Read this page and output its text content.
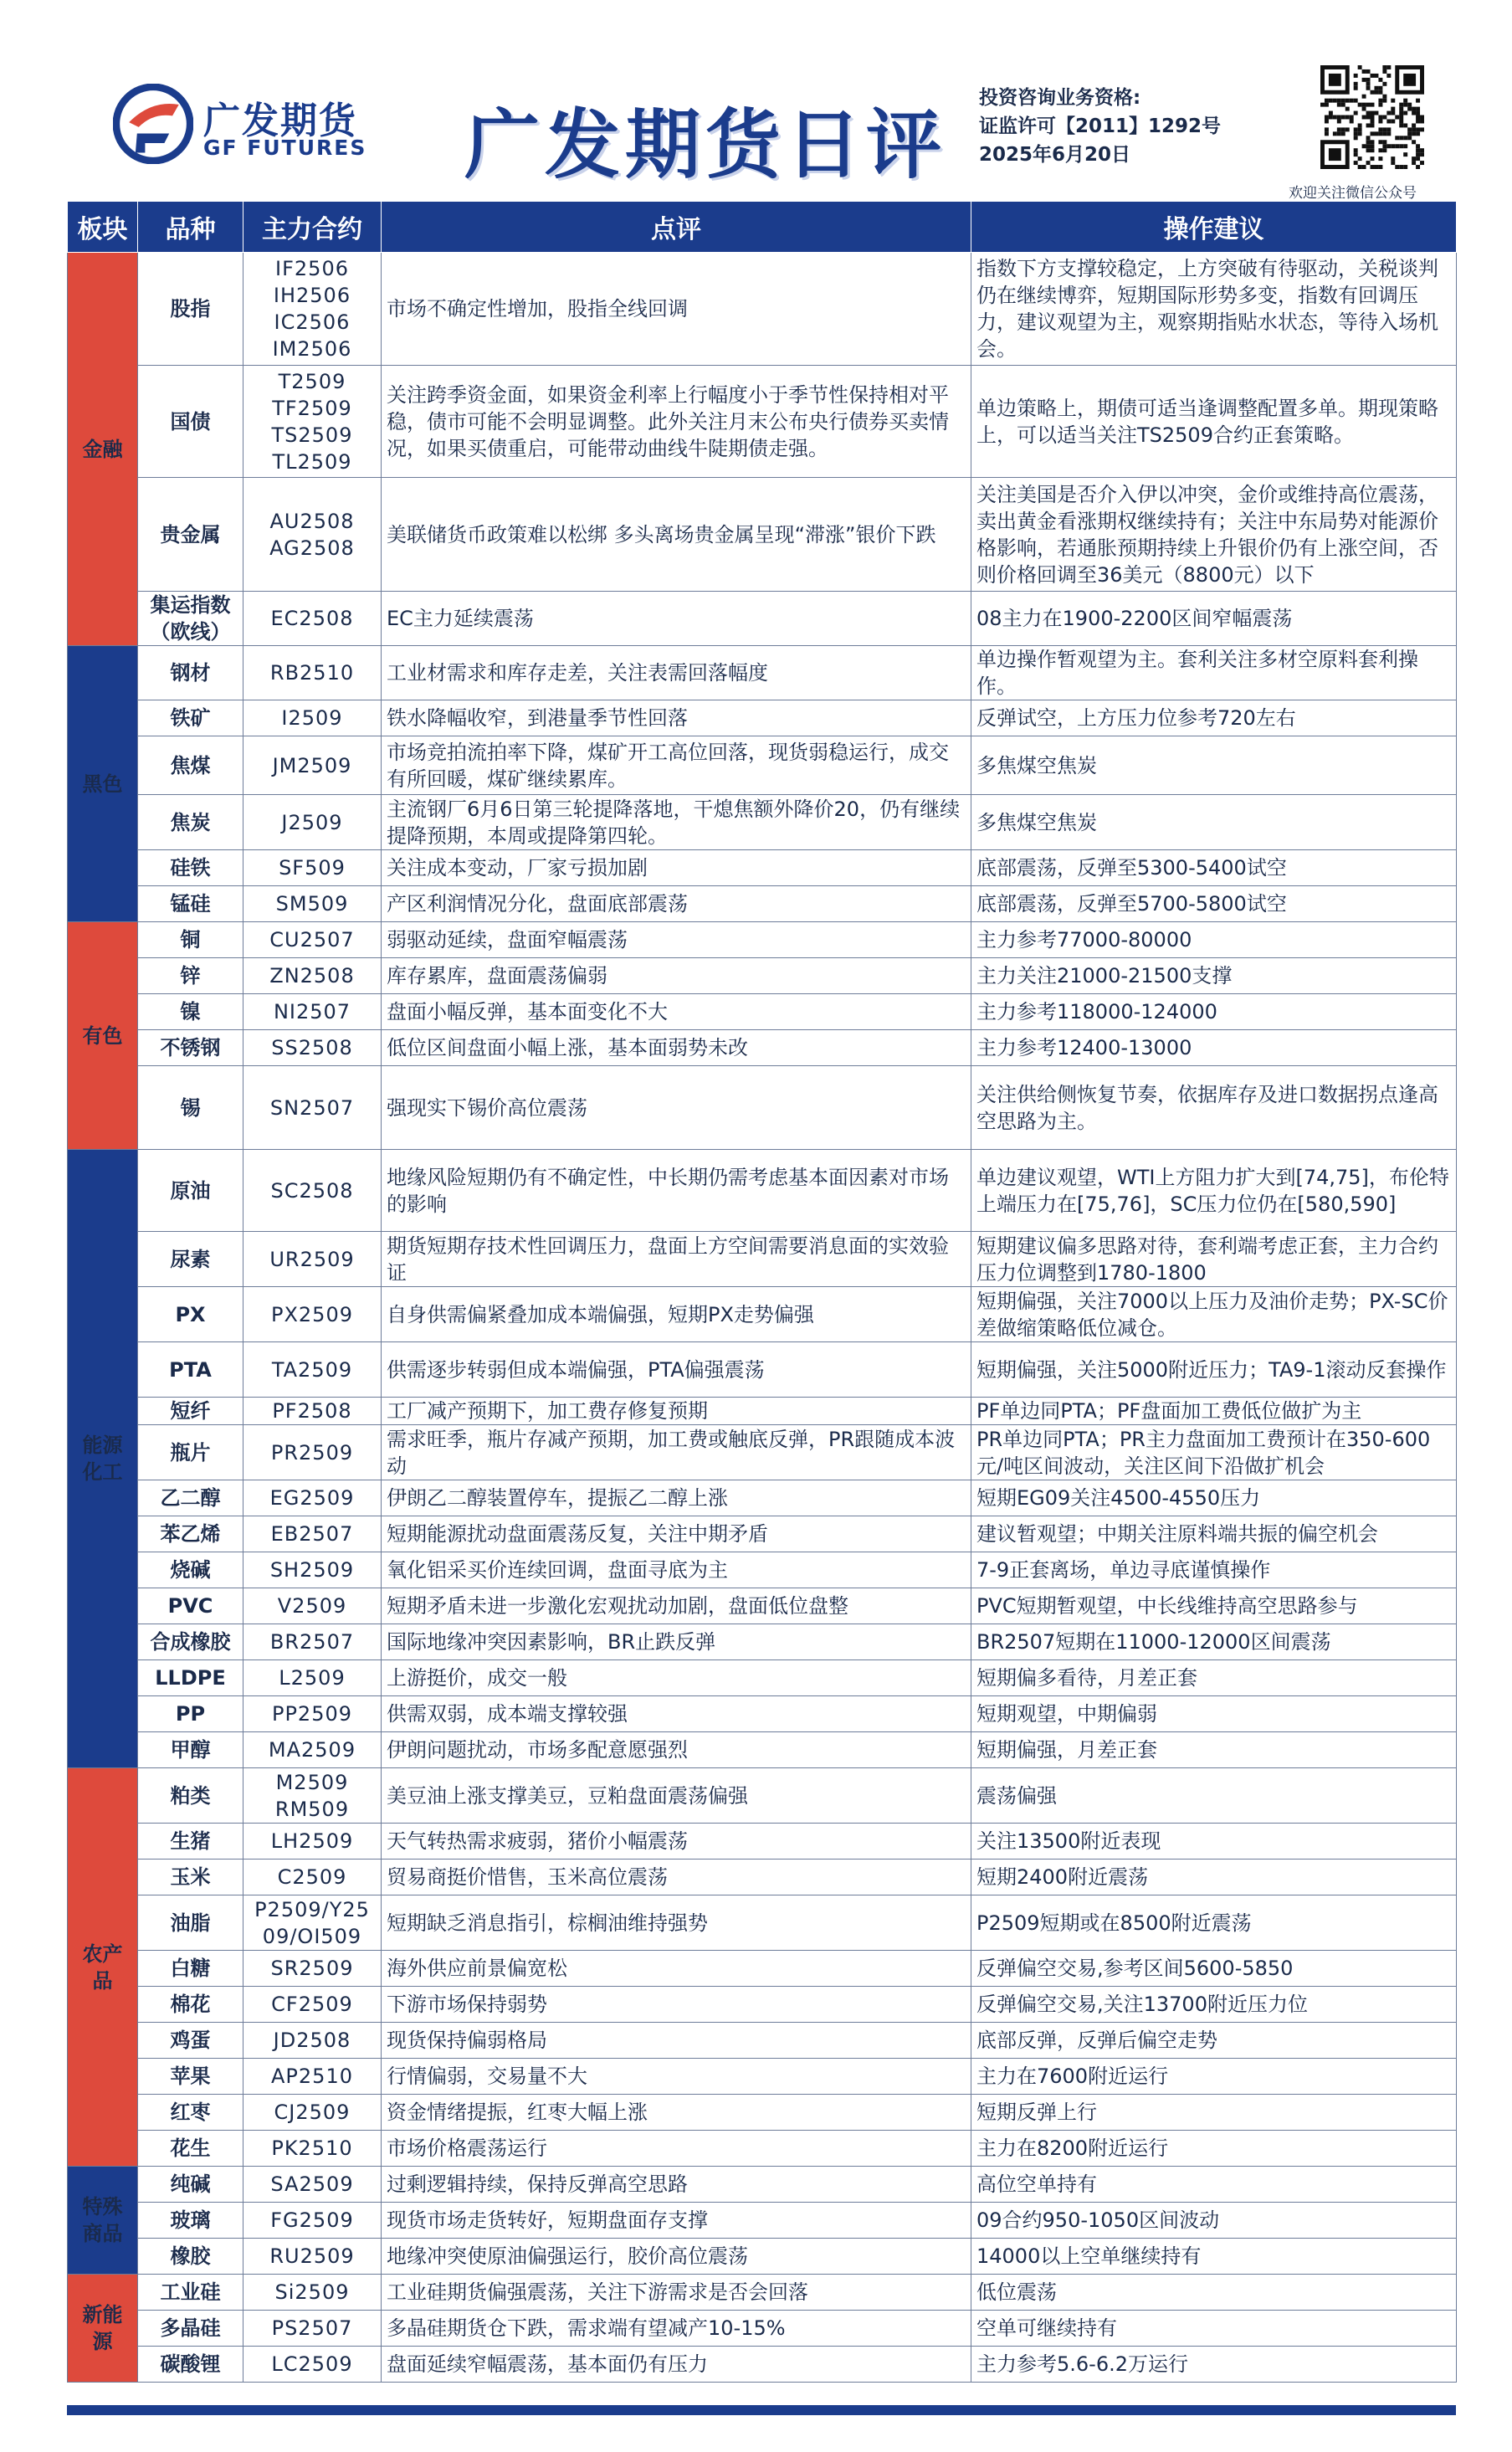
广发期货
GF FUTURES 广发期货日评
投资咨询业务资格:
证监许可【2011】1292号
2025年6月20日
欢迎关注微信公众号
板块	品种	主力合约	点评	操作建议
金融	股指	IF2506
IH2506
IC2506
IM2506	市场不确定性增加，股指全线回调	指数下方支撑较稳定，上方突破有待驱动，关税谈判仍在继续博弈，短期国际形势多变，指数有回调压力，建议观望为主，观察期指贴水状态，等待入场机会。
	国债	T2509
TF2509
TS2509
TL2509	关注跨季资金面，如果资金利率上行幅度小于季节性保持相对平稳，债市可能不会明显调整。此外关注月末公布央行债券买卖情况，如果买债重启，可能带动曲线牛陡期债走强。	单边策略上，期债可适当逢调整配置多单。期现策略上，可以适当关注TS2509合约正套策略。
	贵金属	AU2508
AG2508	美联储货币政策难以松绑 多头离场贵金属呈现“滞涨”银价下跌	关注美国是否介入伊以冲突，金价或维持高位震荡，卖出黄金看涨期权继续持有；关注中东局势对能源价格影响，若通胀预期持续上升银价仍有上涨空间，否则价格回调至36美元（8800元）以下
	集运指数（欧线）	EC2508	EC主力延续震荡	08主力在1900-2200区间窄幅震荡
黑色	钢材	RB2510	工业材需求和库存走差，关注表需回落幅度	单边操作暂观望为主。套利关注多材空原料套利操作。
	铁矿	I2509	铁水降幅收窄，到港量季节性回落	反弹试空，上方压力位参考720左右
	焦煤	JM2509	市场竞拍流拍率下降，煤矿开工高位回落，现货弱稳运行，成交有所回暖，煤矿继续累库。	多焦煤空焦炭
	焦炭	J2509	主流钢厂6月6日第三轮提降落地，干熄焦额外降价20，仍有继续提降预期，本周或提降第四轮。	多焦煤空焦炭
	硅铁	SF509	关注成本变动，厂家亏损加剧	底部震荡，反弹至5300-5400试空
	锰硅	SM509	产区利润情况分化，盘面底部震荡	底部震荡，反弹至5700-5800试空
有色	铜	CU2507	弱驱动延续，盘面窄幅震荡	主力参考77000-80000
	锌	ZN2508	库存累库，盘面震荡偏弱	主力关注21000-21500支撑
	镍	NI2507	盘面小幅反弹，基本面变化不大	主力参考118000-124000
	不锈钢	SS2508	低位区间盘面小幅上涨，基本面弱势未改	主力参考12400-13000
	锡	SN2507	强现实下锡价高位震荡	关注供给侧恢复节奏，依据库存及进口数据拐点逢高空思路为主。
能源化工	原油	SC2508	地缘风险短期仍有不确定性，中长期仍需考虑基本面因素对市场的影响	单边建议观望，WTI上方阻力扩大到[74,75]，布伦特上端压力在[75,76]，SC压力位仍在[580,590]
	尿素	UR2509	期货短期存技术性回调压力，盘面上方空间需要消息面的实效验证	短期建议偏多思路对待，套利端考虑正套，主力合约压力位调整到1780-1800
	PX	PX2509	自身供需偏紧叠加成本端偏强，短期PX走势偏强	短期偏强，关注7000以上压力及油价走势；PX-SC价差做缩策略低位减仓。
	PTA	TA2509	供需逐步转弱但成本端偏强，PTA偏强震荡	短期偏强，关注5000附近压力；TA9-1滚动反套操作
	短纤	PF2508	工厂减产预期下，加工费存修复预期	PF单边同PTA；PF盘面加工费低位做扩为主
	瓶片	PR2509	需求旺季，瓶片存减产预期，加工费或触底反弹，PR跟随成本波动	PR单边同PTA；PR主力盘面加工费预计在350-600元/吨区间波动，关注区间下沿做扩机会
	乙二醇	EG2509	伊朗乙二醇装置停车，提振乙二醇上涨	短期EG09关注4500-4550压力
	苯乙烯	EB2507	短期能源扰动盘面震荡反复，关注中期矛盾	建议暂观望；中期关注原料端共振的偏空机会
	烧碱	SH2509	氧化铝采买价连续回调，盘面寻底为主	7-9正套离场，单边寻底谨慎操作
	PVC	V2509	短期矛盾未进一步激化宏观扰动加剧，盘面低位盘整	PVC短期暂观望，中长线维持高空思路参与
	合成橡胶	BR2507	国际地缘冲突因素影响，BR止跌反弹	BR2507短期在11000-12000区间震荡
	LLDPE	L2509	上游挺价，成交一般	短期偏多看待，月差正套
	PP	PP2509	供需双弱，成本端支撑较强	短期观望，中期偏弱
	甲醇	MA2509	伊朗问题扰动，市场多配意愿强烈	短期偏强，月差正套
农产品	粕类	M2509
RM509	美豆油上涨支撑美豆，豆粕盘面震荡偏强	震荡偏强
	生猪	LH2509	天气转热需求疲弱，猪价小幅震荡	关注13500附近表现
	玉米	C2509	贸易商挺价惜售，玉米高位震荡	短期2400附近震荡
	油脂	P2509/Y25
09/OI509	短期缺乏消息指引，棕榈油维持强势	P2509短期或在8500附近震荡
	白糖	SR2509	海外供应前景偏宽松	反弹偏空交易,参考区间5600-5850
	棉花	CF2509	下游市场保持弱势	反弹偏空交易,关注13700附近压力位
	鸡蛋	JD2508	现货保持偏弱格局	底部反弹，反弹后偏空走势
	苹果	AP2510	行情偏弱，交易量不大	主力在7600附近运行
	红枣	CJ2509	资金情绪提振，红枣大幅上涨	短期反弹上行
	花生	PK2510	市场价格震荡运行	主力在8200附近运行
特殊商品	纯碱	SA2509	过剩逻辑持续，保持反弹高空思路	高位空单持有
	玻璃	FG2509	现货市场走货转好，短期盘面存支撑	09合约950-1050区间波动
	橡胶	RU2509	地缘冲突使原油偏强运行，胶价高位震荡	14000以上空单继续持有
新能源	工业硅	Si2509	工业硅期货偏强震荡，关注下游需求是否会回落	低位震荡
	多晶硅	PS2507	多晶硅期货仓下跌，需求端有望减产10-15%	空单可继续持有
	碳酸锂	LC2509	盘面延续窄幅震荡，基本面仍有压力	主力参考5.6-6.2万运行
